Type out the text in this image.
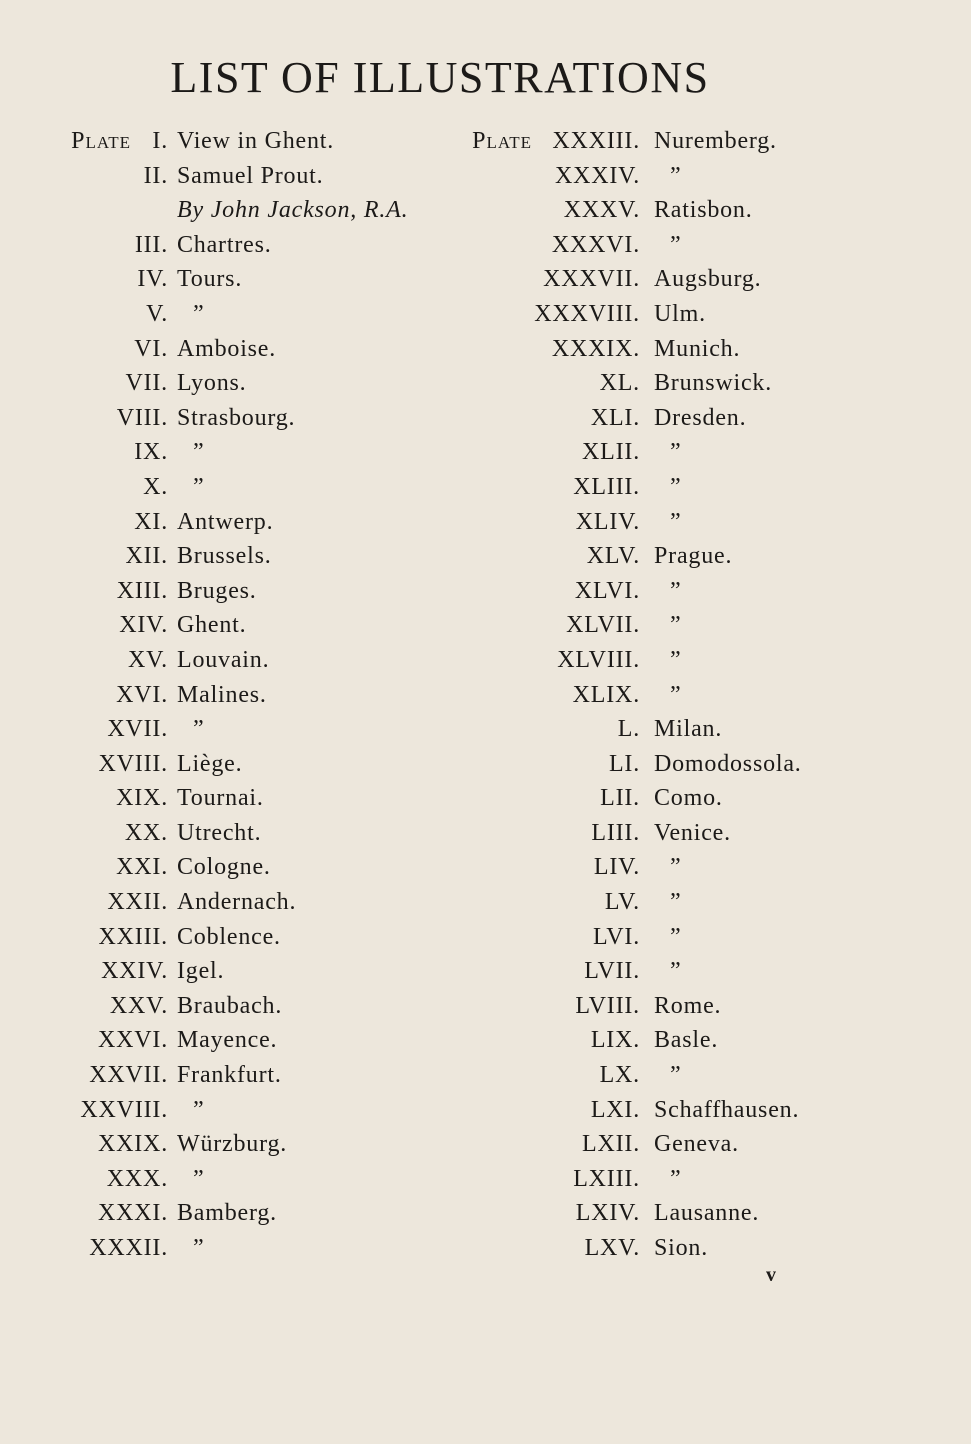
LIST OF ILLUSTRATIONS
Plate I. View in Ghent.
II. Samuel Prout.
By John Jackson, R.A.
III. Chartres.
IV. Tours.
V.	”
VI. Amboise.
VII. Lyons.
VIII. Strasbourg.
IX.	”
X.	”
XI. Antwerp.
XII. Brussels.
XIII. Bruges.
XIV. Ghent.
XV. Louvain.
XVI. Malines.
XVII.	”
XVIII. Liège.
XIX. Tournai.
XX. Utrecht.
XXI. Cologne.
XXII. Andernach.
XXIII. Coblence.
XXIV. Igel.
XXV. Braubach.
XXVI. Mayence.
XXVII. Frankfurt.
XXVIII.	”
XXIX. Würzburg.
XXX.	”
XXXI. Bamberg.
XXXII.	”
Plate XXXIII. Nuremberg.
XXXIV.	”
XXXV. Ratisbon.
XXXVI.	”
XXXVII. Augsburg.
XXXVIII. Ulm.
XXXIX. Munich.
XL. Brunswick.
XLI. Dresden.
XLII.	”
XLIII.	”
XLIV.	”
XLV. Prague.
XLVI.	”
XLVII.	”
XLVIII.	”
XLIX.	”
L. Milan.
LI. Domodossola.
LII. Como.
LIII. Venice.
LIV.	”
LV.	”
LVI.	”
LVII.	”
LVIII. Rome.
LIX. Basle.
LX.	”
LXI. Schaffhausen.
LXII. Geneva.
LXIII.	”
LXIV. Lausanne.
LXV. Sion.
v
